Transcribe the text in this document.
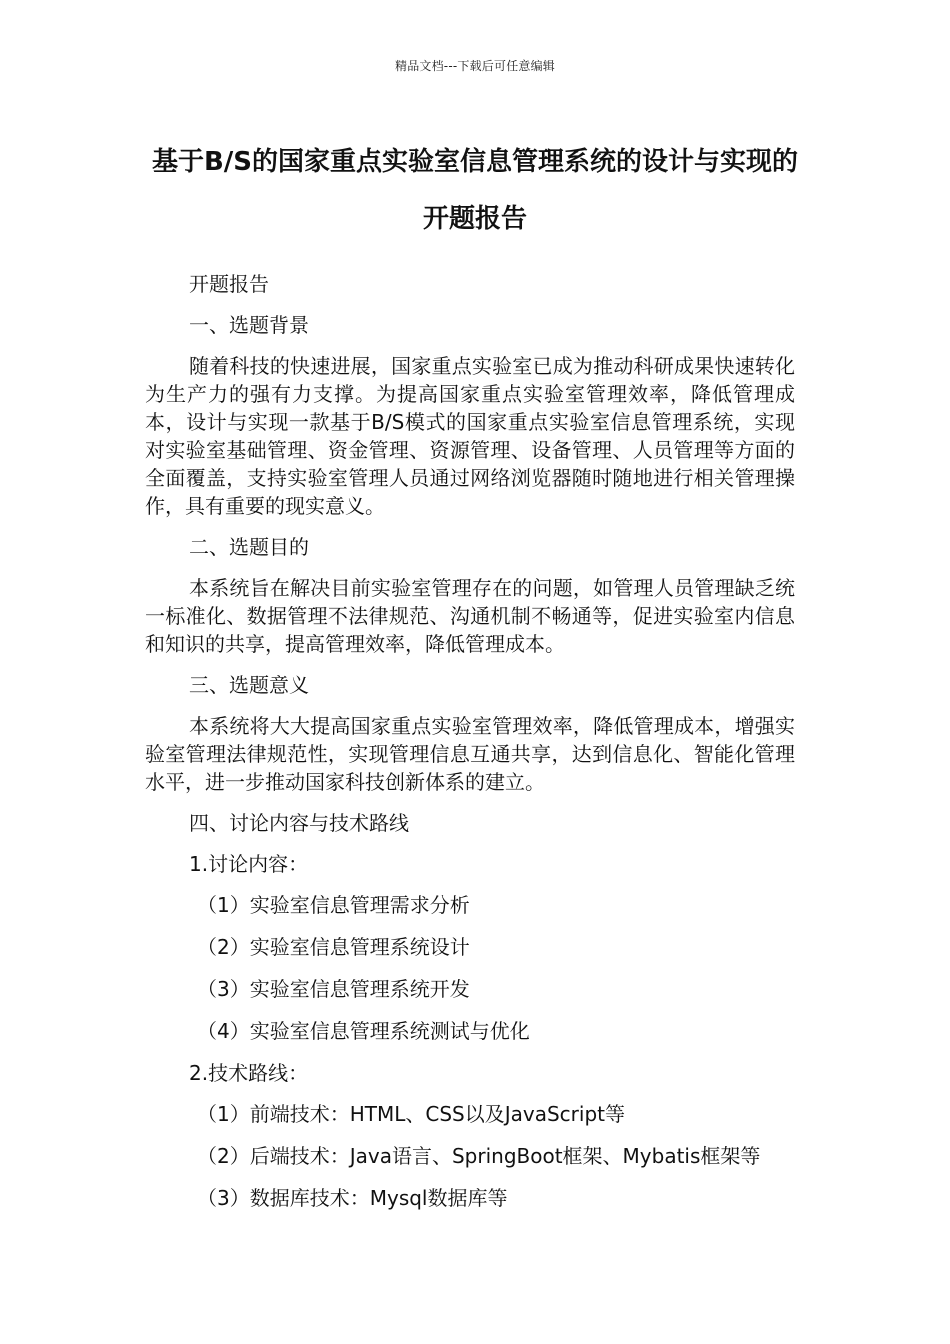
精品文档---下载后可任意编辑
基于B/S的国家重点实验室信息管理系统的设计与实现的开题报告

开题报告

一、选题背景

随着科技的快速进展，国家重点实验室已成为推动科研成果快速转化为生产力的强有力支撑。为提高国家重点实验室管理效率，降低管理成本，设计与实现一款基于B/S模式的国家重点实验室信息管理系统，实现对实验室基础管理、资金管理、资源管理、设备管理、人员管理等方面的全面覆盖，支持实验室管理人员通过网络浏览器随时随地进行相关管理操作，具有重要的现实意义。

二、选题目的

本系统旨在解决目前实验室管理存在的问题，如管理人员管理缺乏统一标准化、数据管理不法律规范、沟通机制不畅通等，促进实验室内信息和知识的共享，提高管理效率，降低管理成本。

三、选题意义

本系统将大大提高国家重点实验室管理效率，降低管理成本，增强实验室管理法律规范性，实现管理信息互通共享，达到信息化、智能化管理水平，进一步推动国家科技创新体系的建立。

四、讨论内容与技术路线

1.讨论内容：

（1）实验室信息管理需求分析

（2）实验室信息管理系统设计

（3）实验室信息管理系统开发

（4）实验室信息管理系统测试与优化

2.技术路线：

（1）前端技术：HTML、CSS以及JavaScript等

（2）后端技术：Java语言、SpringBoot框架、Mybatis框架等

（3）数据库技术：Mysql数据库等
